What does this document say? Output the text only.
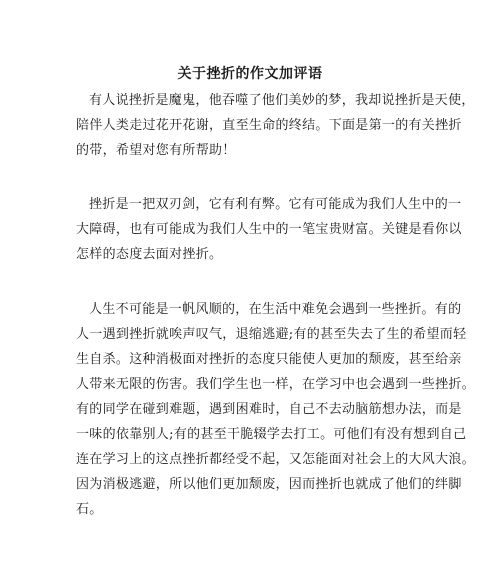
关于挫折的作文加评语
有人说挫折是魔鬼，他吞噬了他们美妙的梦，我却说挫折是天使，
陪伴人类走过花开花谢，直至生命的终结。下面是第一的有关挫折
的带，希望对您有所帮助！
挫折是一把双刃剑，它有利有弊。它有可能成为我们人生中的一
大障碍，也有可能成为我们人生中的一笔宝贵财富。关键是看你以
怎样的态度去面对挫折。
人生不可能是一帆风顺的，在生活中难免会遇到一些挫折。有的
人一遇到挫折就唉声叹气，退缩逃避;有的甚至失去了生的希望而轻
生自杀。这种消极面对挫折的态度只能使人更加的颓废，甚至给亲
人带来无限的伤害。我们学生也一样，在学习中也会遇到一些挫折。
有的同学在碰到难题，遇到困难时，自己不去动脑筋想办法，而是
一味的依靠别人;有的甚至干脆辍学去打工。可他们有没有想到自己
连在学习上的这点挫折都经受不起，又怎能面对社会上的大风大浪。
因为消极逃避，所以他们更加颓废，因而挫折也就成了他们的绊脚
石。
